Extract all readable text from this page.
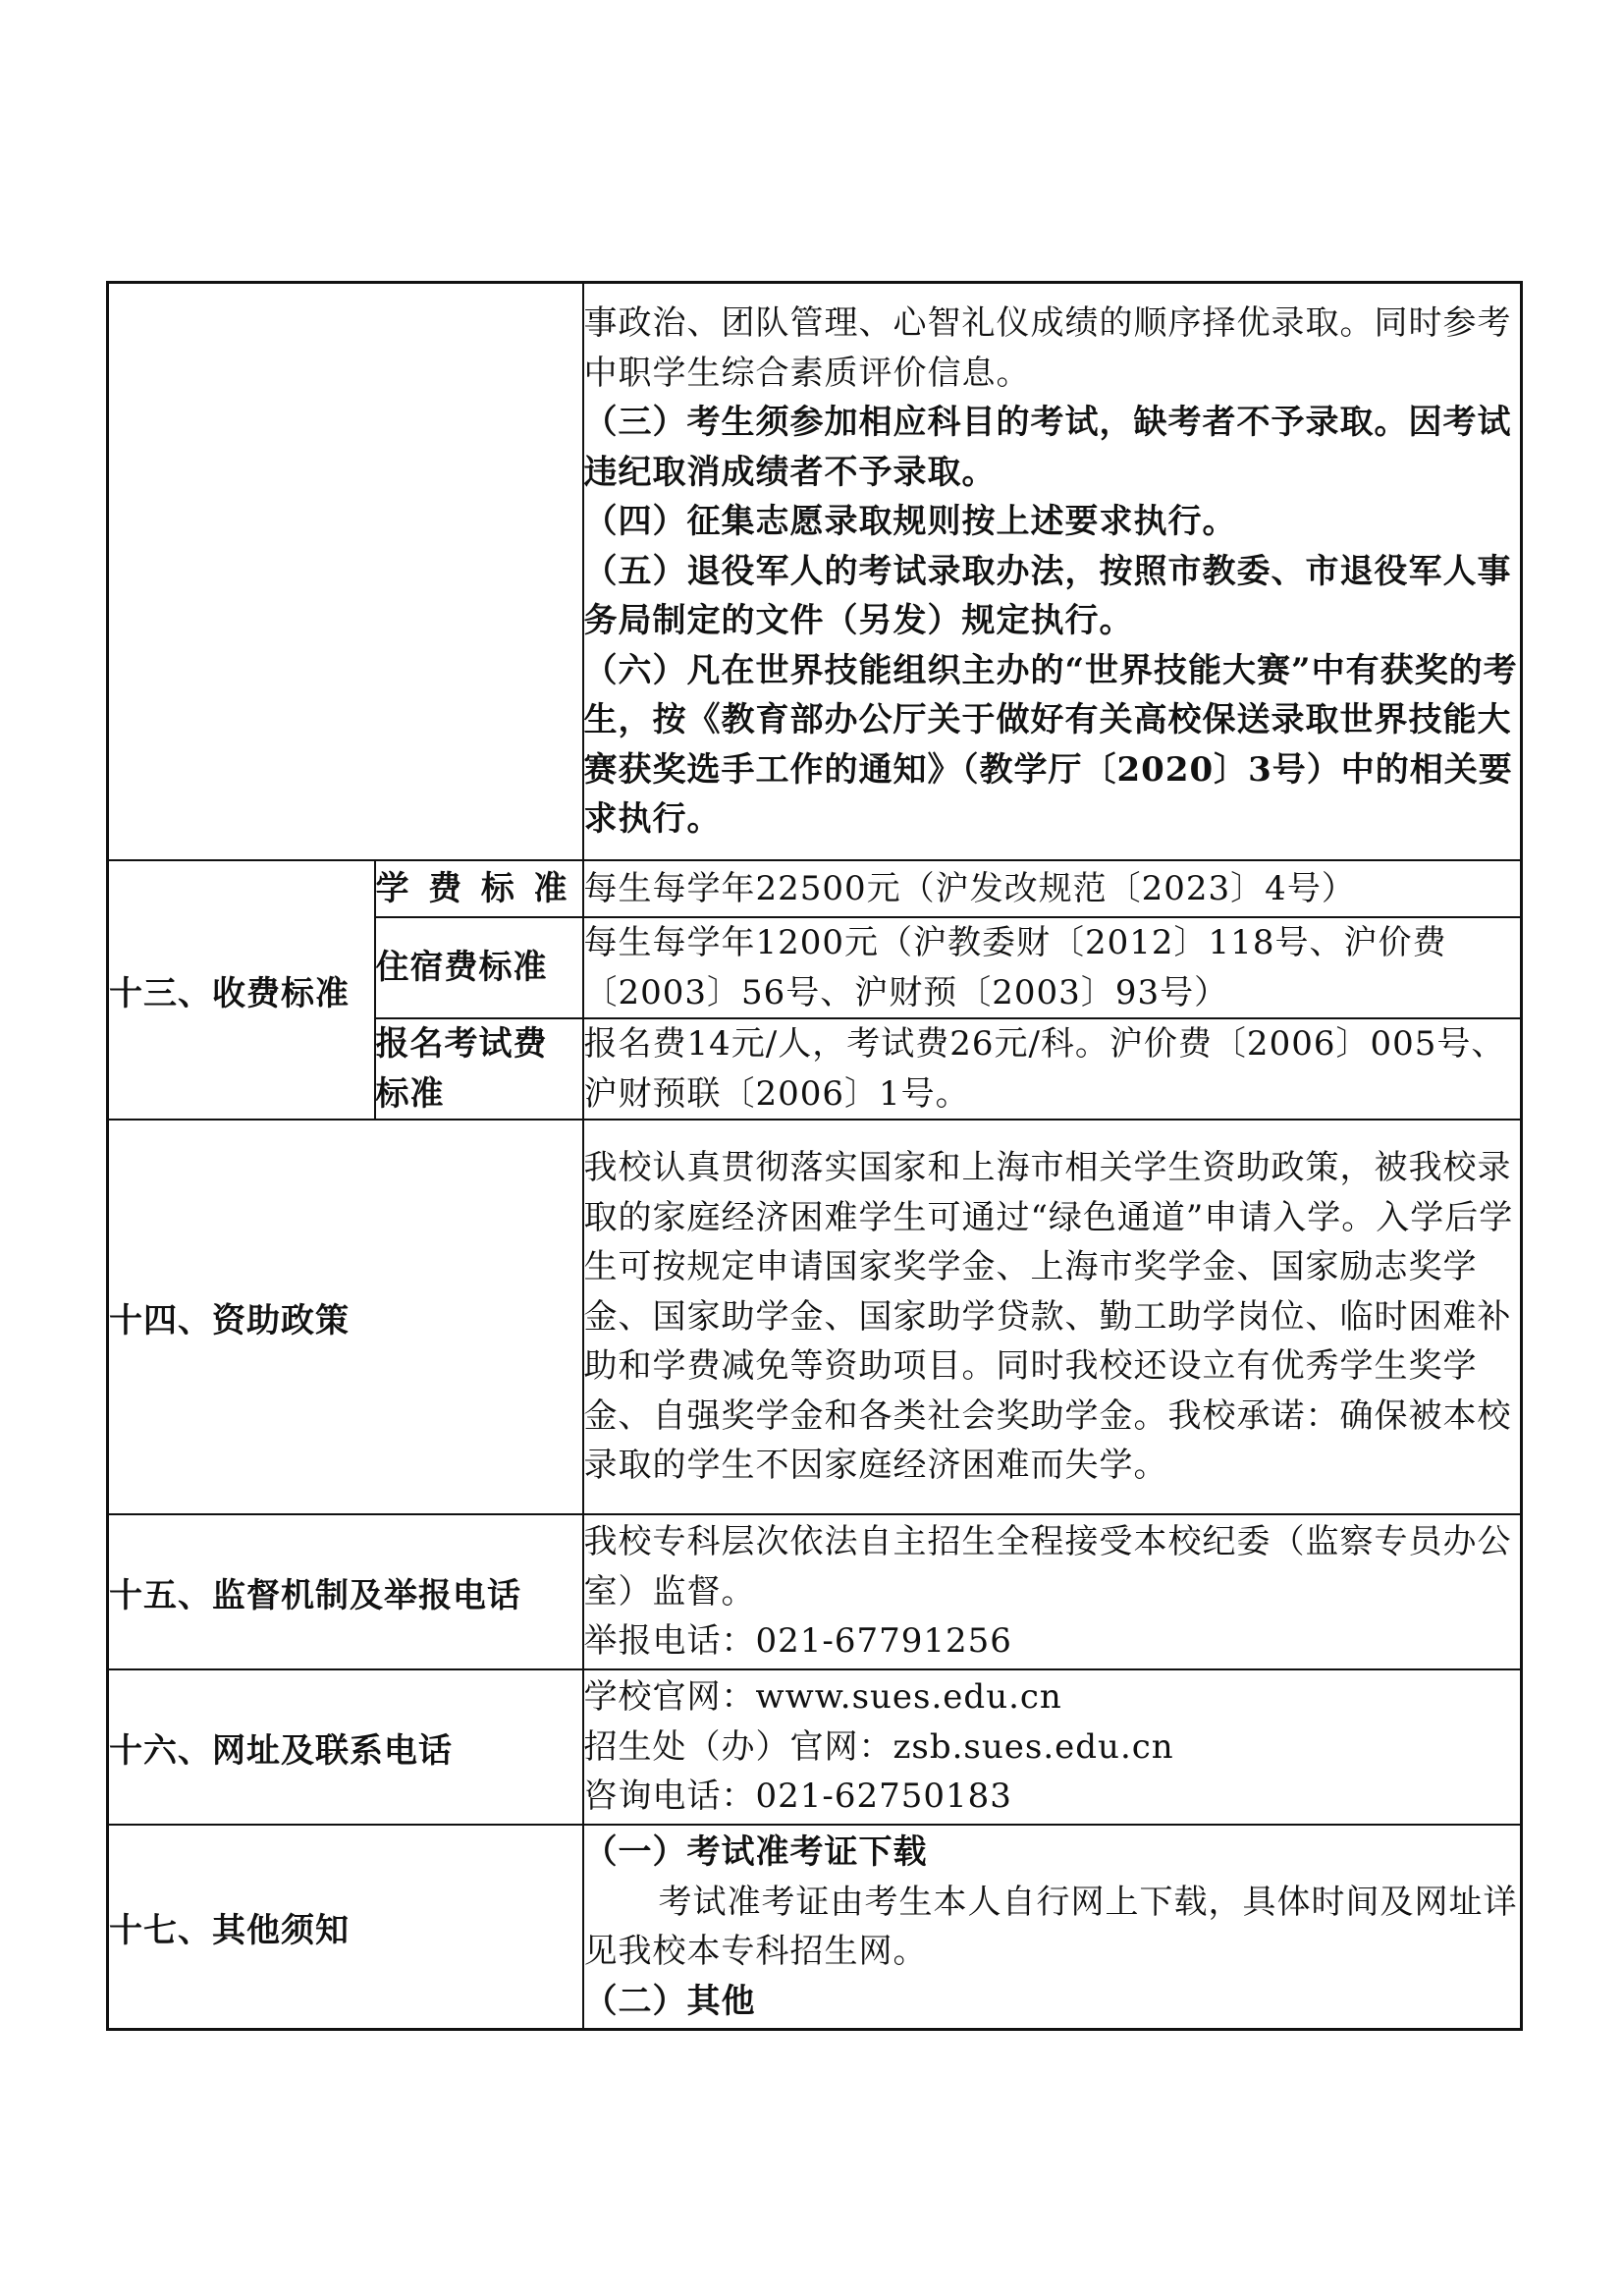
		事政治、团队管理、心智礼仪成绩的顺序择优录取。同时参考中职学生综合素质评价信息。

（三）考生须参加相应科目的考试，缺考者不予录取。因考试违纪取消成绩者不予录取。

（四）征集志愿录取规则按上述要求执行。

（五）退役军人的考试录取办法，按照市教委、市退役军人事务局制定的文件（另发）规定执行。

（六）凡在世界技能组织主办的“世界技能大赛”中有获奖的考生，按《教育部办公厅关于做好有关高校保送录取世界技能大赛获奖选手工作的通知》（教学厅〔2020〕3号）中的相关要求执行。

十三、收费标准	学 费 标 准	每生每学年22500元（沪发改规范〔2023〕4号）

	住宿费标准	每生每学年1200元（沪教委财〔2012〕118号、沪价费〔2003〕56号、沪财预〔2003〕93号）

	报名考试费标准	报名费14元/人，考试费26元/科。沪价费〔2006〕005号、沪财预联〔2006〕1号。

十四、资助政策		我校认真贯彻落实国家和上海市相关学生资助政策，被我校录取的家庭经济困难学生可通过“绿色通道”申请入学。入学后学生可按规定申请国家奖学金、上海市奖学金、国家励志奖学金、国家助学金、国家助学贷款、勤工助学岗位、临时困难补助和学费减免等资助项目。同时我校还设立有优秀学生奖学金、自强奖学金和各类社会奖助学金。我校承诺：确保被本校录取的学生不因家庭经济困难而失学。

十五、监督机制及举报电话		我校专科层次依法自主招生全程接受本校纪委（监察专员办公室）监督。

举报电话：021-67791256

十六、网址及联系电话		学校官网：www.sues.edu.cn

招生处（办）官网：zsb.sues.edu.cn

咨询电话：021-62750183

十七、其他须知		（一）考试准考证下载

考试准考证由考生本人自行网上下载，具体时间及网址详见我校本专科招生网。

（二）其他
